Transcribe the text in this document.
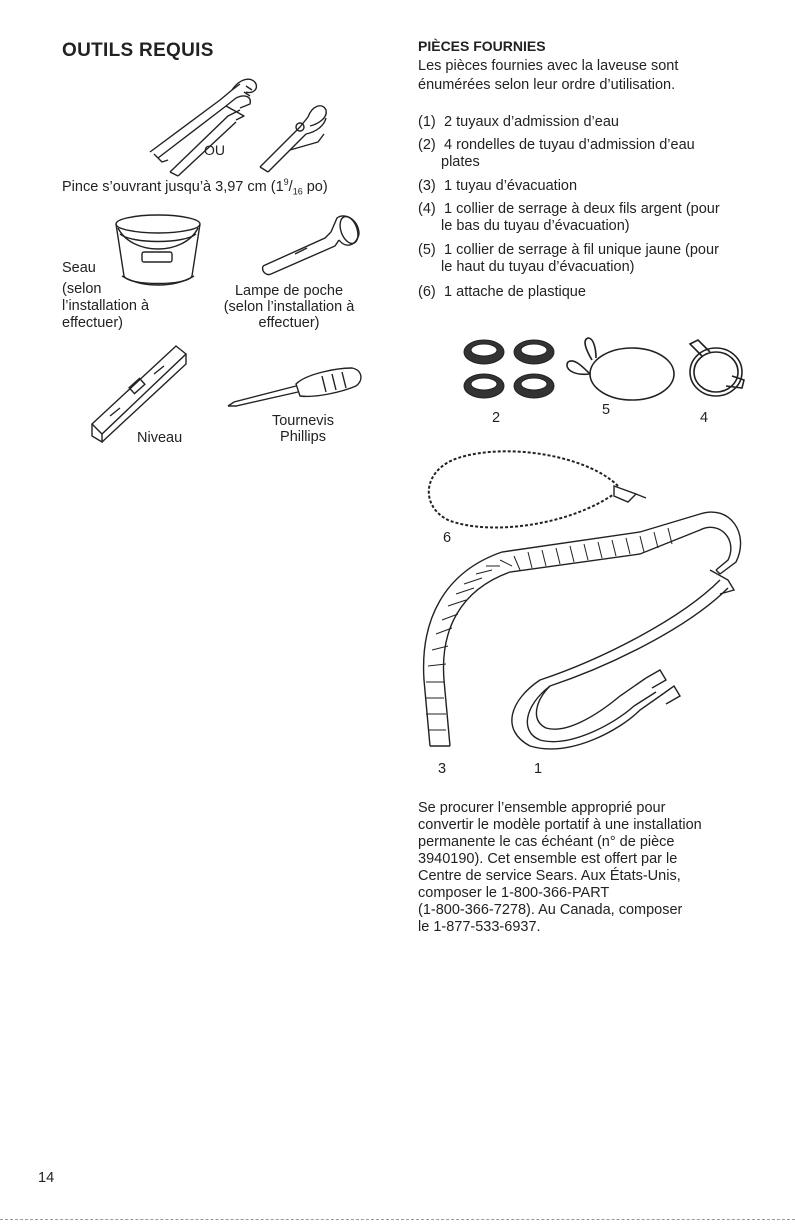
OUTILS REQUIS
OU
Pince s’ouvrant jusqu’à 3,97 cm ($1^9/_{16}$ po)
Seau
(selon
l’installation à
effectuer)
Lampe de poche
(selon l’installation à
effectuer)
Niveau
Tournevis
Phillips
PIÈCES FOURNIES
Les pièces fournies avec la laveuse sont
énumérées selon leur ordre d’utilisation.
(1) 2 tuyaux d’admission d’eau
(2) 4 rondelles de tuyau d’admission d’eau
plates
(3) 1 tuyau d’évacuation
(4) 1 collier de serrage à deux fils argent (pour
le bas du tuyau d’évacuation)
(5) 1 collier de serrage à fil unique jaune (pour
le haut du tuyau d’évacuation)
(6) 1 attache de plastique
2	5	4
6
3	1
Se procurer l’ensemble approprié pour
convertir le modèle portatif à une installation
permanente le cas échéant (n° de pièce
3940190). Cet ensemble est offert par le
Centre de service Sears. Aux États-Unis,
composer le 1-800-366-PART
(1-800-366-7278). Au Canada, composer
le 1-877-533-6937.
14
